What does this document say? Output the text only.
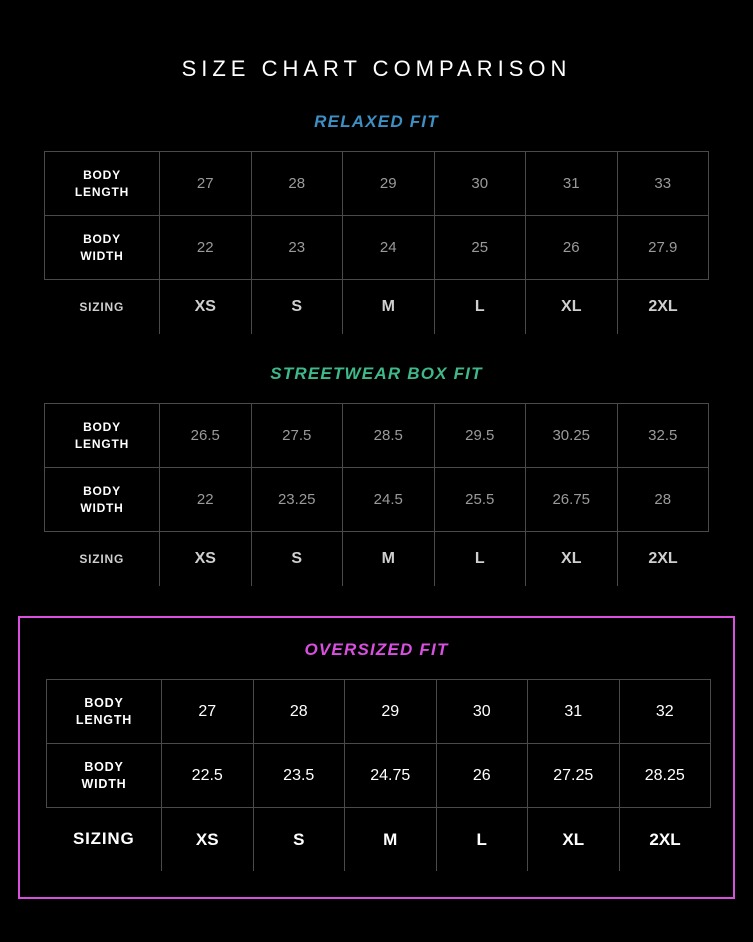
SIZE CHART COMPARISON
RELAXED FIT
BODY
LENGTH	27	28	29	30	31	33
BODY
WIDTH	22	23	24	25	26	27.9
SIZING	XS	S	M	L	XL	2XL
STREETWEAR BOX FIT
BODY
LENGTH	26.5	27.5	28.5	29.5	30.25	32.5
BODY
WIDTH	22	23.25	24.5	25.5	26.75	28
SIZING	XS	S	M	L	XL	2XL
OVERSIZED FIT
BODY
LENGTH	27	28	29	30	31	32
BODY
WIDTH	22.5	23.5	24.75	26	27.25	28.25
SIZING	XS	S	M	L	XL	2XL
